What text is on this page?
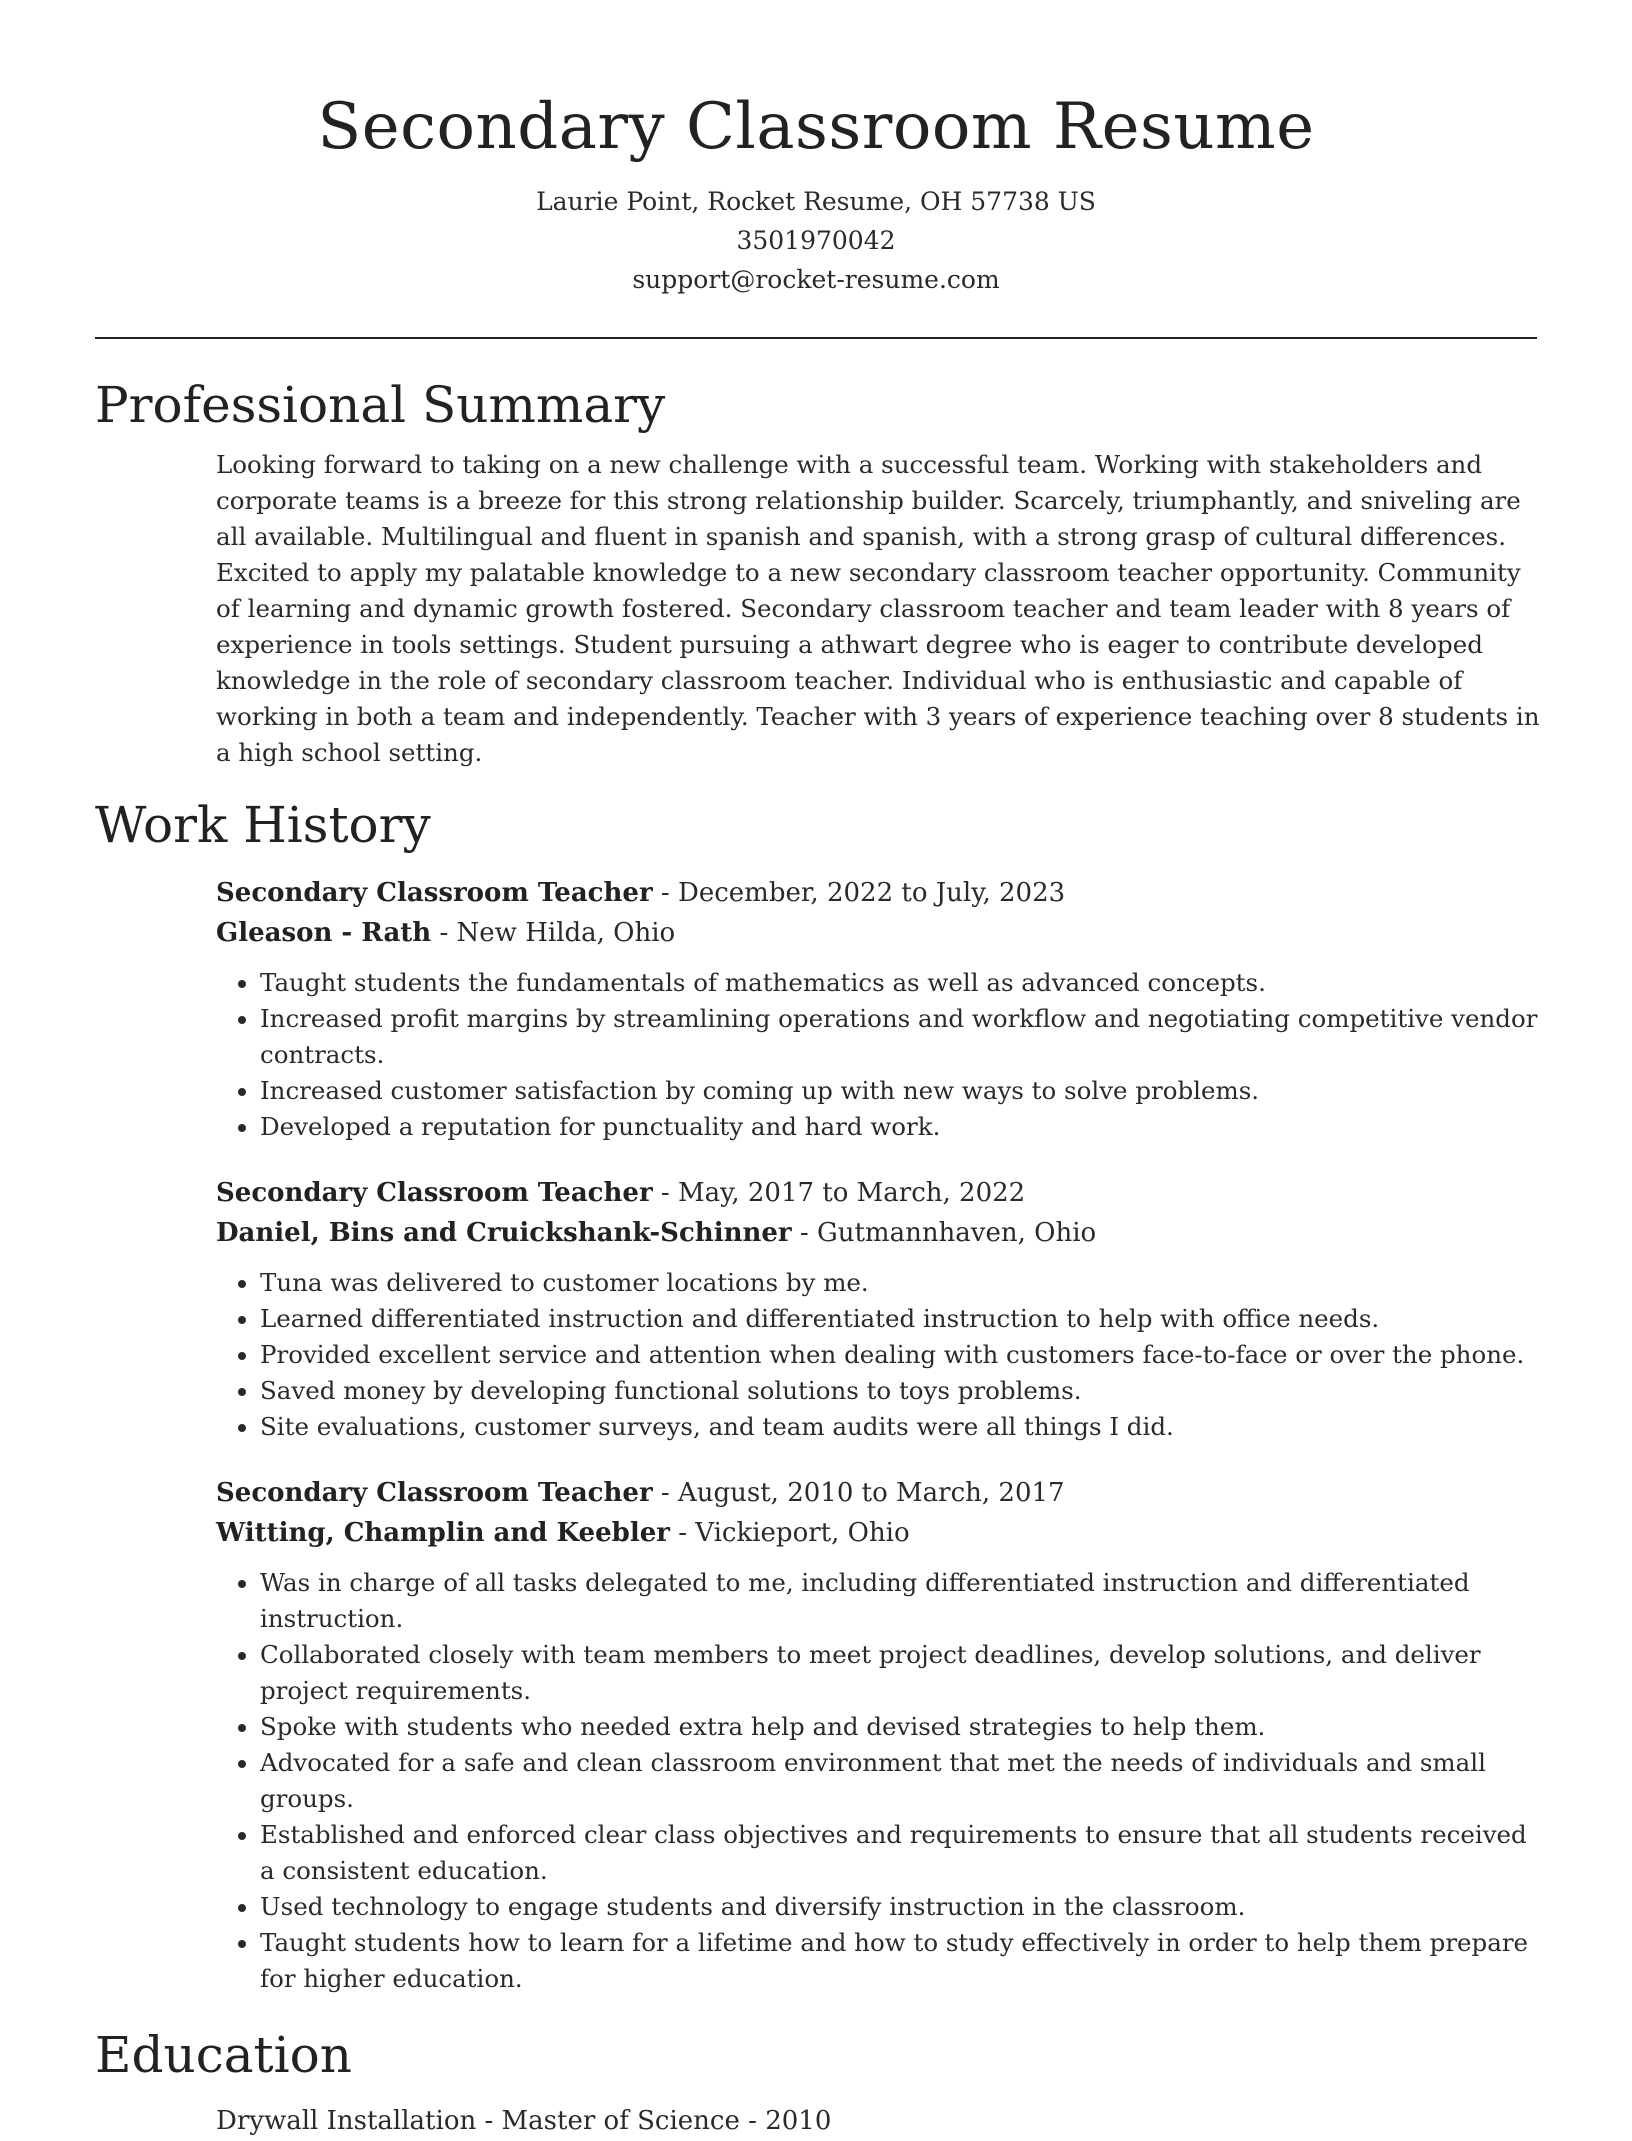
Secondary Classroom Resume
Laurie Point, Rocket Resume, OH 57738 US
3501970042
support@rocket-resume.com
Professional Summary

Looking forward to taking on a new challenge with a successful team. Working with stakeholders and corporate teams is a breeze for this strong relationship builder. Scarcely, triumphantly, and sniveling are all available. Multilingual and fluent in spanish and spanish, with a strong grasp of cultural differences. Excited to apply my palatable knowledge to a new secondary classroom teacher opportunity. Community of learning and dynamic growth fostered. Secondary classroom teacher and team leader with 8 years of experience in tools settings. Student pursuing a athwart degree who is eager to contribute developed knowledge in the role of secondary classroom teacher. Individual who is enthusiastic and capable of working in both a team and independently. Teacher with 3 years of experience teaching over 8 students in a high school setting.

Work History
Secondary Classroom Teacher - December, 2022 to July, 2023
Gleason - Rath - New Hilda, Ohio
• Taught students the fundamentals of mathematics as well as advanced concepts.
• Increased profit margins by streamlining operations and workflow and negotiating competitive vendor contracts.
• Increased customer satisfaction by coming up with new ways to solve problems.
• Developed a reputation for punctuality and hard work.
Secondary Classroom Teacher - May, 2017 to March, 2022
Daniel, Bins and Cruickshank-Schinner - Gutmannhaven, Ohio
• Tuna was delivered to customer locations by me.
• Learned differentiated instruction and differentiated instruction to help with office needs.
• Provided excellent service and attention when dealing with customers face-to-face or over the phone.
• Saved money by developing functional solutions to toys problems.
• Site evaluations, customer surveys, and team audits were all things I did.
Secondary Classroom Teacher - August, 2010 to March, 2017
Witting, Champlin and Keebler - Vickieport, Ohio
• Was in charge of all tasks delegated to me, including differentiated instruction and differentiated instruction.
• Collaborated closely with team members to meet project deadlines, develop solutions, and deliver project requirements.
• Spoke with students who needed extra help and devised strategies to help them.
• Advocated for a safe and clean classroom environment that met the needs of individuals and small groups.
• Established and enforced clear class objectives and requirements to ensure that all students received a consistent education.
• Used technology to engage students and diversify instruction in the classroom.
• Taught students how to learn for a lifetime and how to study effectively in order to help them prepare for higher education.
Education
Drywall Installation - Master of Science - 2010
